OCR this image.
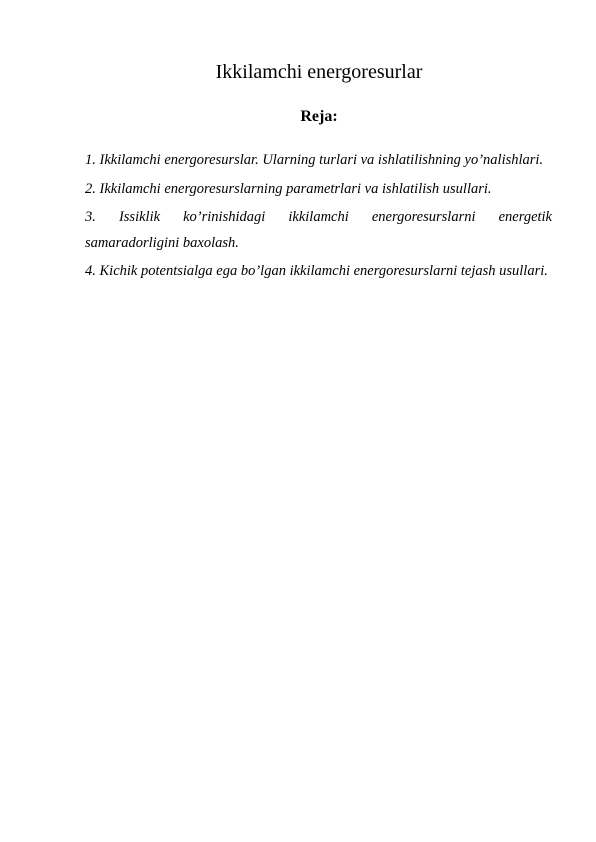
Ikkilamchi energoresurlar
Reja:
1. Ikkilamchi energoresurslar. Ularning turlari va ishlatilishning yo’nalishlari.
2. Ikkilamchi energoresurslarning parametrlari va ishlatilish usullari.
3. Issiklik ko’rinishidagi ikkilamchi energoresurslarni energetik samaradorligini baxolash.
4. Kichik potentsialga ega bo’lgan ikkilamchi energoresurslarni tejash usullari.
